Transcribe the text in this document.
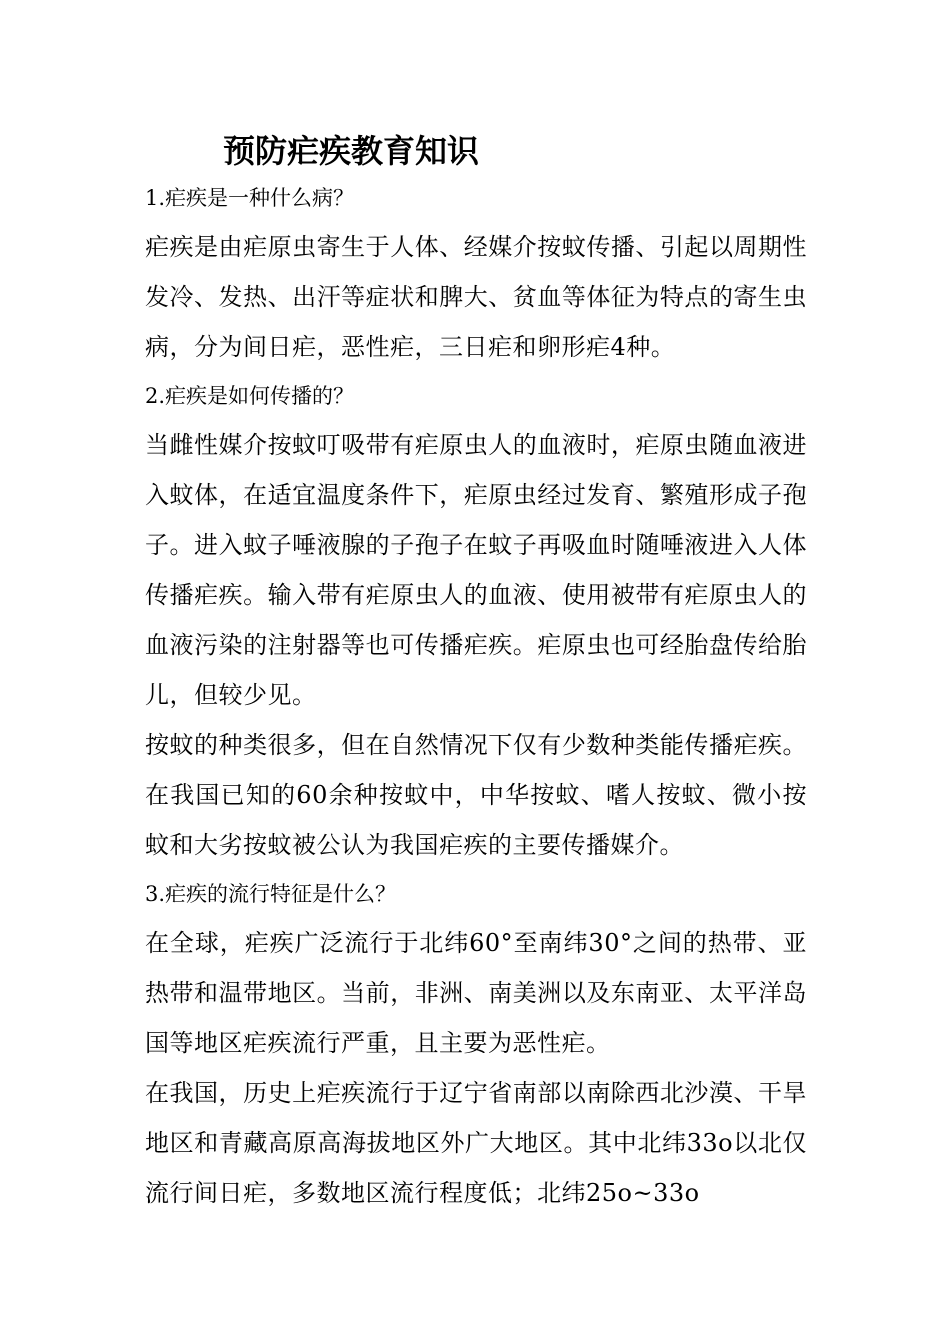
预防疟疾教育知识

1.疟疾是一种什么病？

疟疾是由疟原虫寄生于人体、经媒介按蚊传播、引起以周期性发冷、发热、出汗等症状和脾大、贫血等体征为特点的寄生虫病，分为间日疟，恶性疟，三日疟和卵形疟4种。

2.疟疾是如何传播的？

当雌性媒介按蚊叮吸带有疟原虫人的血液时，疟原虫随血液进入蚊体，在适宜温度条件下，疟原虫经过发育、繁殖形成子孢子。进入蚊子唾液腺的子孢子在蚊子再吸血时随唾液进入人体传播疟疾。输入带有疟原虫人的血液、使用被带有疟原虫人的血液污染的注射器等也可传播疟疾。疟原虫也可经胎盘传给胎儿，但较少见。

按蚊的种类很多，但在自然情况下仅有少数种类能传播疟疾。在我国已知的60余种按蚊中，中华按蚊、嗜人按蚊、微小按蚊和大劣按蚊被公认为我国疟疾的主要传播媒介。

3.疟疾的流行特征是什么？

在全球，疟疾广泛流行于北纬60°至南纬30°之间的热带、亚热带和温带地区。当前，非洲、南美洲以及东南亚、太平洋岛国等地区疟疾流行严重，且主要为恶性疟。

在我国，历史上疟疾流行于辽宁省南部以南除西北沙漠、干旱地区和青藏高原高海拔地区外广大地区。其中北纬33o以北仅流行间日疟，多数地区流行程度低；北纬25o~33o
